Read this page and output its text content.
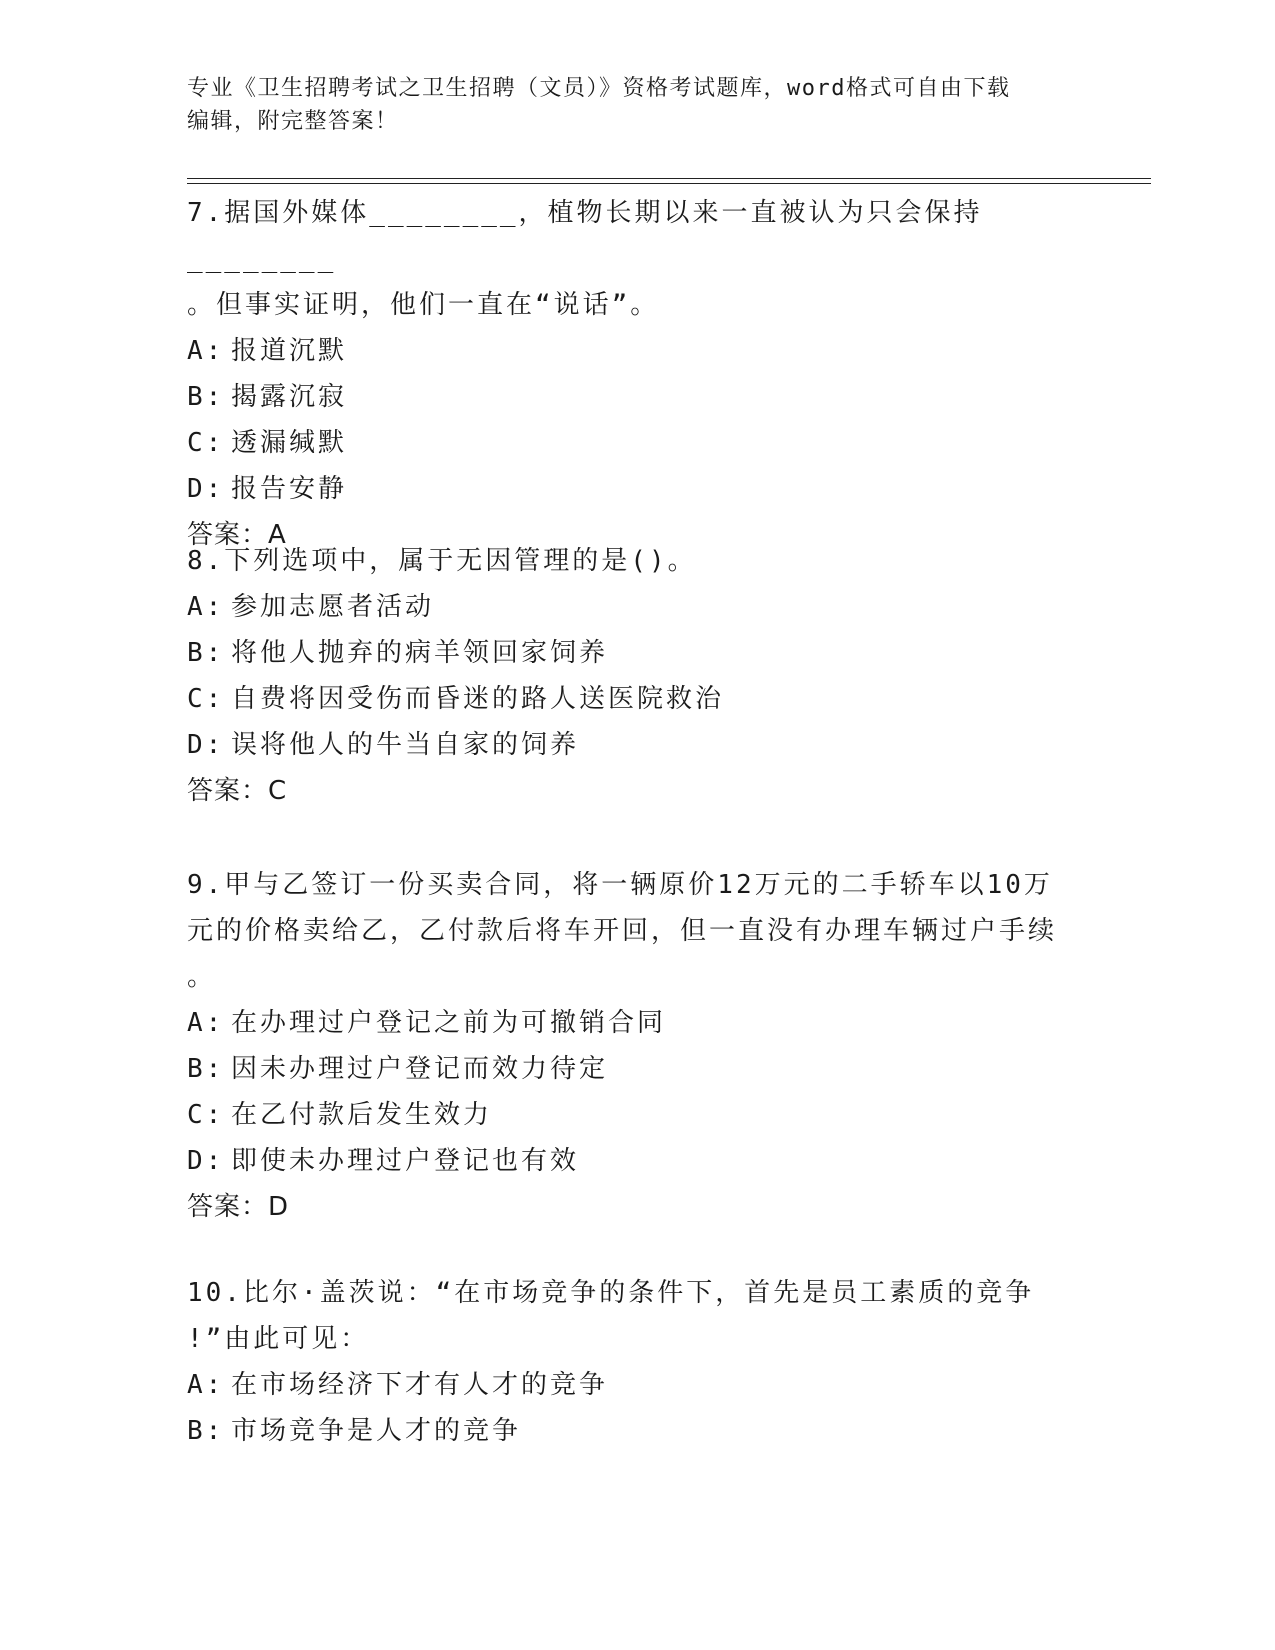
专业《卫生招聘考试之卫生招聘（文员）》资格考试题库，word格式可自由下载
编辑，附完整答案！

7.据国外媒体________，植物长期以来一直被认为只会保持________

。但事实证明，他们一直在“说话”。

A: 报道沉默

B: 揭露沉寂

C: 透漏缄默

D: 报告安静

答案：A

8.下列选项中，属于无因管理的是()。

A: 参加志愿者活动

B: 将他人抛弃的病羊领回家饲养

C: 自费将因受伤而昏迷的路人送医院救治

D: 误将他人的牛当自家的饲养

答案：C

9.甲与乙签订一份买卖合同，将一辆原价12万元的二手轿车以10万

元的价格卖给乙，乙付款后将车开回，但一直没有办理车辆过户手续

。

A: 在办理过户登记之前为可撤销合同

B: 因未办理过户登记而效力待定

C: 在乙付款后发生效力

D: 即使未办理过户登记也有效

答案：D

10.比尔·盖茨说：“在市场竞争的条件下，首先是员工素质的竞争

!”由此可见：

A: 在市场经济下才有人才的竞争

B: 市场竞争是人才的竞争
